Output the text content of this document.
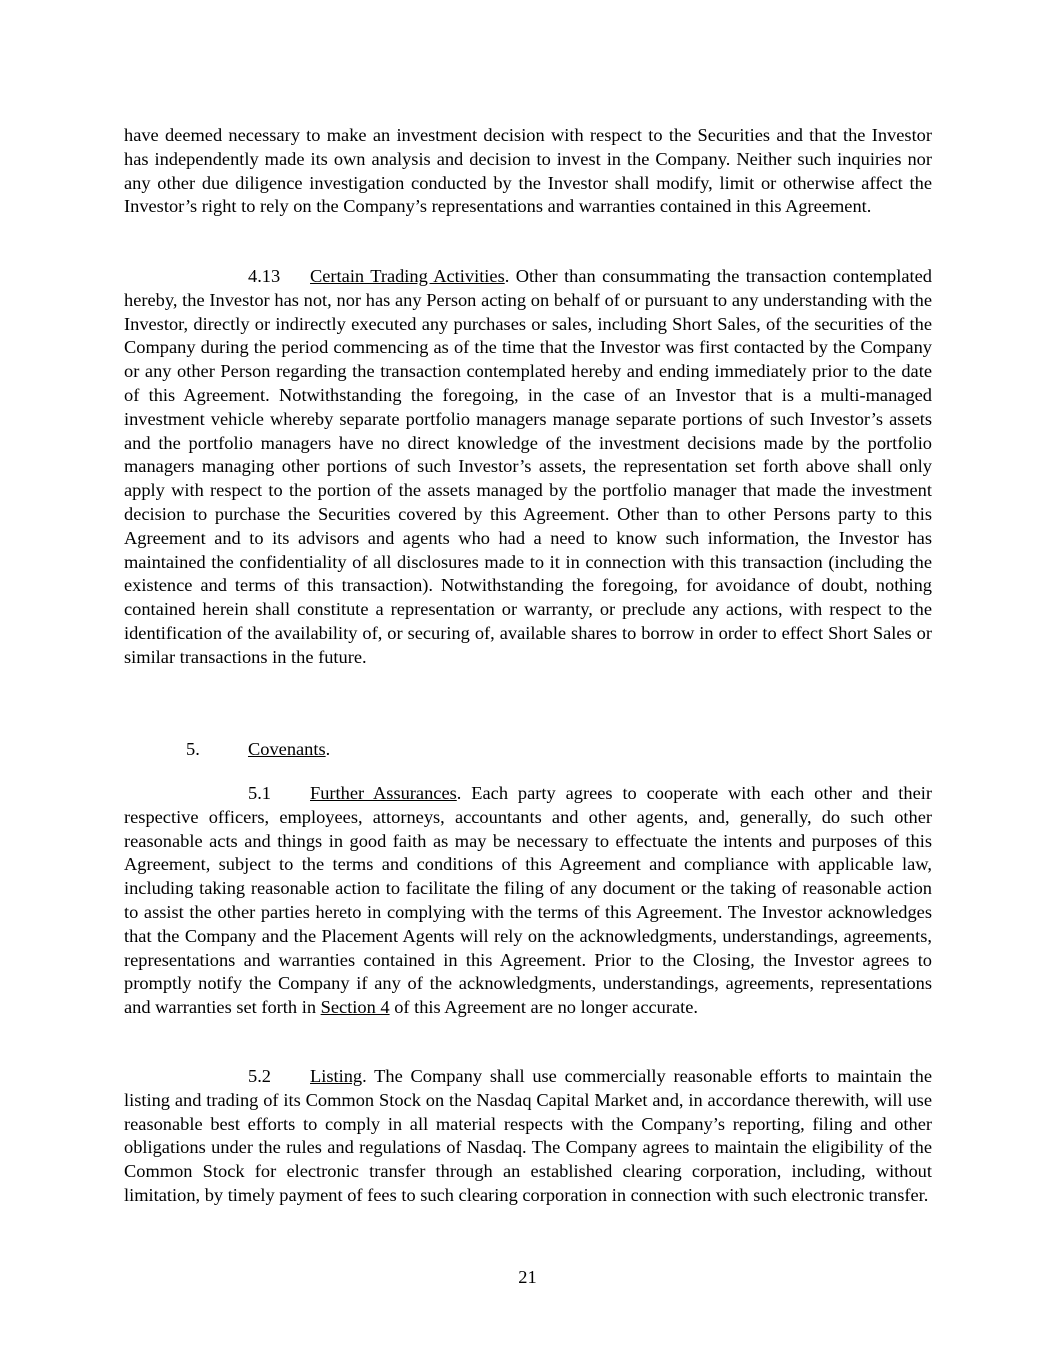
have deemed necessary to make an investment decision with respect to the Securities and that the Investor has independently made its own analysis and decision to invest in the Company. Neither such inquiries nor any other due diligence investigation conducted by the Investor shall modify, limit or otherwise affect the Investor’s right to rely on the Company’s representations and warranties contained in this Agreement.

4.13 Certain Trading Activities. Other than consummating the transaction contemplated hereby, the Investor has not, nor has any Person acting on behalf of or pursuant to any understanding with the Investor, directly or indirectly executed any purchases or sales, including Short Sales, of the securities of the Company during the period commencing as of the time that the Investor was first contacted by the Company or any other Person regarding the transaction contemplated hereby and ending immediately prior to the date of this Agreement. Notwithstanding the foregoing, in the case of an Investor that is a multi-managed investment vehicle whereby separate portfolio managers manage separate portions of such Investor’s assets and the portfolio managers have no direct knowledge of the investment decisions made by the portfolio managers managing other portions of such Investor’s assets, the representation set forth above shall only apply with respect to the portion of the assets managed by the portfolio manager that made the investment decision to purchase the Securities covered by this Agreement. Other than to other Persons party to this Agreement and to its advisors and agents who had a need to know such information, the Investor has maintained the confidentiality of all disclosures made to it in connection with this transaction (including the existence and terms of this transaction). Notwithstanding the foregoing, for avoidance of doubt, nothing contained herein shall constitute a representation or warranty, or preclude any actions, with respect to the identification of the availability of, or securing of, available shares to borrow in order to effect Short Sales or similar transactions in the future.

5.	Covenants.

5.1 Further Assurances. Each party agrees to cooperate with each other and their respective officers, employees, attorneys, accountants and other agents, and, generally, do such other reasonable acts and things in good faith as may be necessary to effectuate the intents and purposes of this Agreement, subject to the terms and conditions of this Agreement and compliance with applicable law, including taking reasonable action to facilitate the filing of any document or the taking of reasonable action to assist the other parties hereto in complying with the terms of this Agreement. The Investor acknowledges that the Company and the Placement Agents will rely on the acknowledgments, understandings, agreements, representations and warranties contained in this Agreement. Prior to the Closing, the Investor agrees to promptly notify the Company if any of the acknowledgments, understandings, agreements, representations and warranties set forth in Section 4 of this Agreement are no longer accurate.

5.2 Listing. The Company shall use commercially reasonable efforts to maintain the listing and trading of its Common Stock on the Nasdaq Capital Market and, in accordance therewith, will use reasonable best efforts to comply in all material respects with the Company’s reporting, filing and other obligations under the rules and regulations of Nasdaq. The Company agrees to maintain the eligibility of the Common Stock for electronic transfer through an established clearing corporation, including, without limitation, by timely payment of fees to such clearing corporation in connection with such electronic transfer.

21
